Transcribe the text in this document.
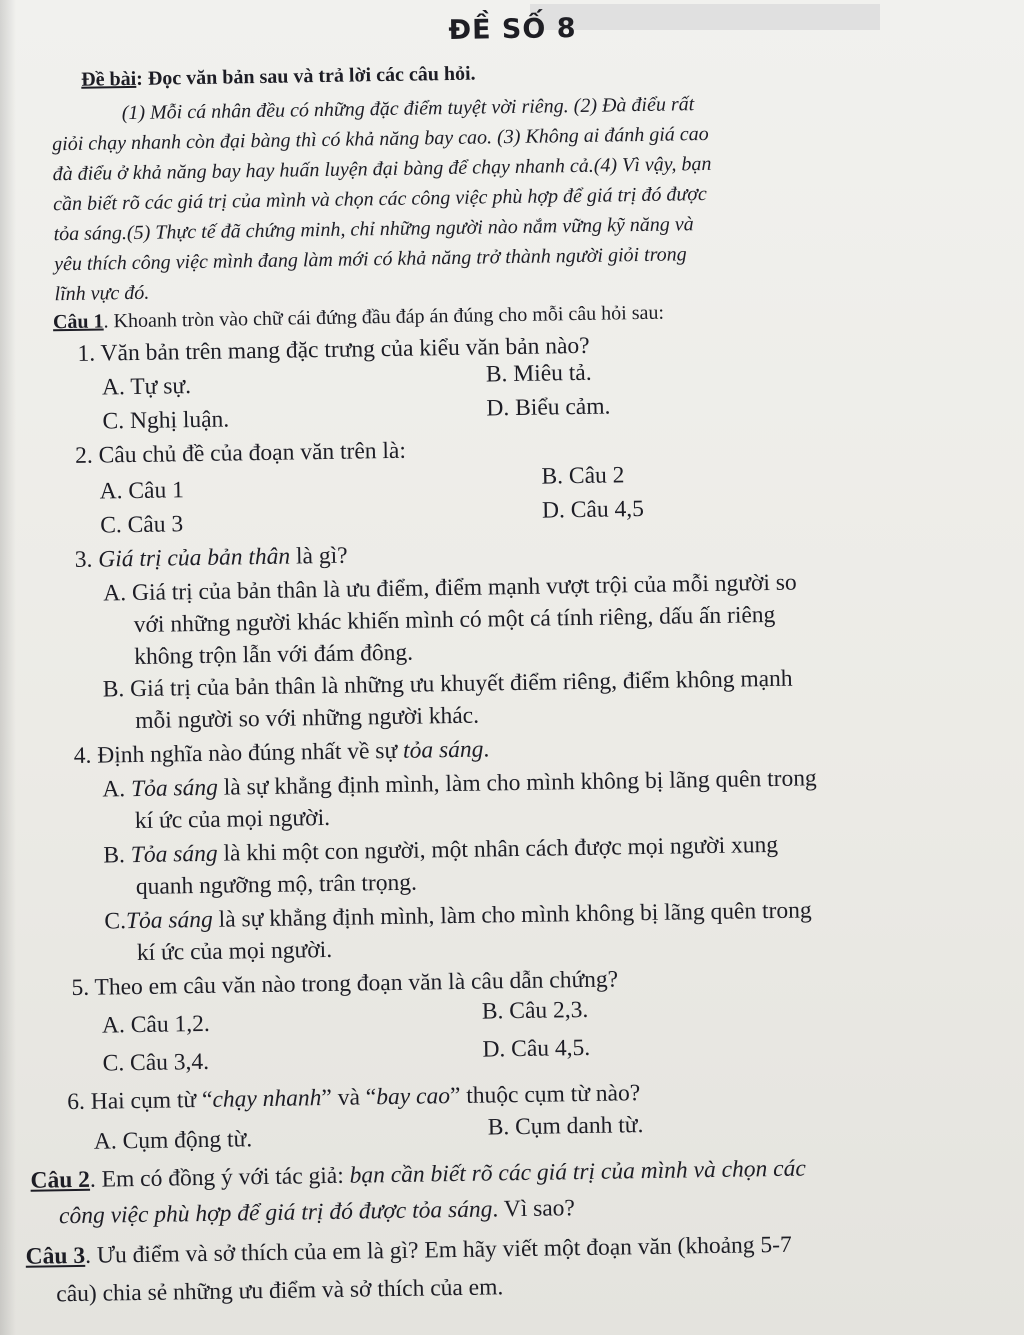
ĐỀ SỐ 8
Đề bài: Đọc văn bản sau và trả lời các câu hỏi.
(1) Mỗi cá nhân đều có những đặc điểm tuyệt vời riêng. (2) Đà điểu rất
giỏi chạy nhanh còn đại bàng thì có khả năng bay cao. (3) Không ai đánh giá cao
đà điểu ở khả năng bay hay huấn luyện đại bàng để chạy nhanh cả.(4) Vì vậy, bạn
cần biết rõ các giá trị của mình và chọn các công việc phù hợp để giá trị đó được
tỏa sáng.(5) Thực tế đã chứng minh, chỉ những người nào nắm vững kỹ năng và
yêu thích công việc mình đang làm mới có khả năng trở thành người giỏi trong
lĩnh vực đó.
Câu 1. Khoanh tròn vào chữ cái đứng đầu đáp án đúng cho mỗi câu hỏi sau:
1. Văn bản trên mang đặc trưng của kiểu văn bản nào?
A. Tự sự.	B. Miêu tả.
C. Nghị luận.	D. Biểu cảm.
2. Câu chủ đề của đoạn văn trên là:
A. Câu 1
B. Câu 2
C. Câu 3
D. Câu 4,5
3. Giá trị của bản thân là gì?
A. Giá trị của bản thân là ưu điểm, điểm mạnh vượt trội của mỗi người so
với những người khác khiến mình có một cá tính riêng, dấu ấn riêng
không trộn lẫn với đám đông.
B. Giá trị của bản thân là những ưu khuyết điểm riêng, điểm không mạnh
mỗi người so với những người khác.
4. Định nghĩa nào đúng nhất về sự tỏa sáng.
A. Tỏa sáng là sự khẳng định mình, làm cho mình không bị lãng quên trong
kí ức của mọi người.
B. Tỏa sáng là khi một con người, một nhân cách được mọi người xung
quanh ngưỡng mộ, trân trọng.
C.Tỏa sáng là sự khẳng định mình, làm cho mình không bị lãng quên trong
kí ức của mọi người.
5. Theo em câu văn nào trong đoạn văn là câu dẫn chứng?
A. Câu 1,2.
B. Câu 2,3.
C. Câu 3,4.
D. Câu 4,5.
6. Hai cụm từ “chạy nhanh” và “bay cao” thuộc cụm từ nào?
A. Cụm động từ.	B. Cụm danh từ.
Câu 2. Em có đồng ý với tác giả: bạn cần biết rõ các giá trị của mình và chọn các
công việc phù hợp để giá trị đó được tỏa sáng. Vì sao?
Câu 3. Ưu điểm và sở thích của em là gì? Em hãy viết một đoạn văn (khoảng 5-7
câu) chia sẻ những ưu điểm và sở thích của em.
